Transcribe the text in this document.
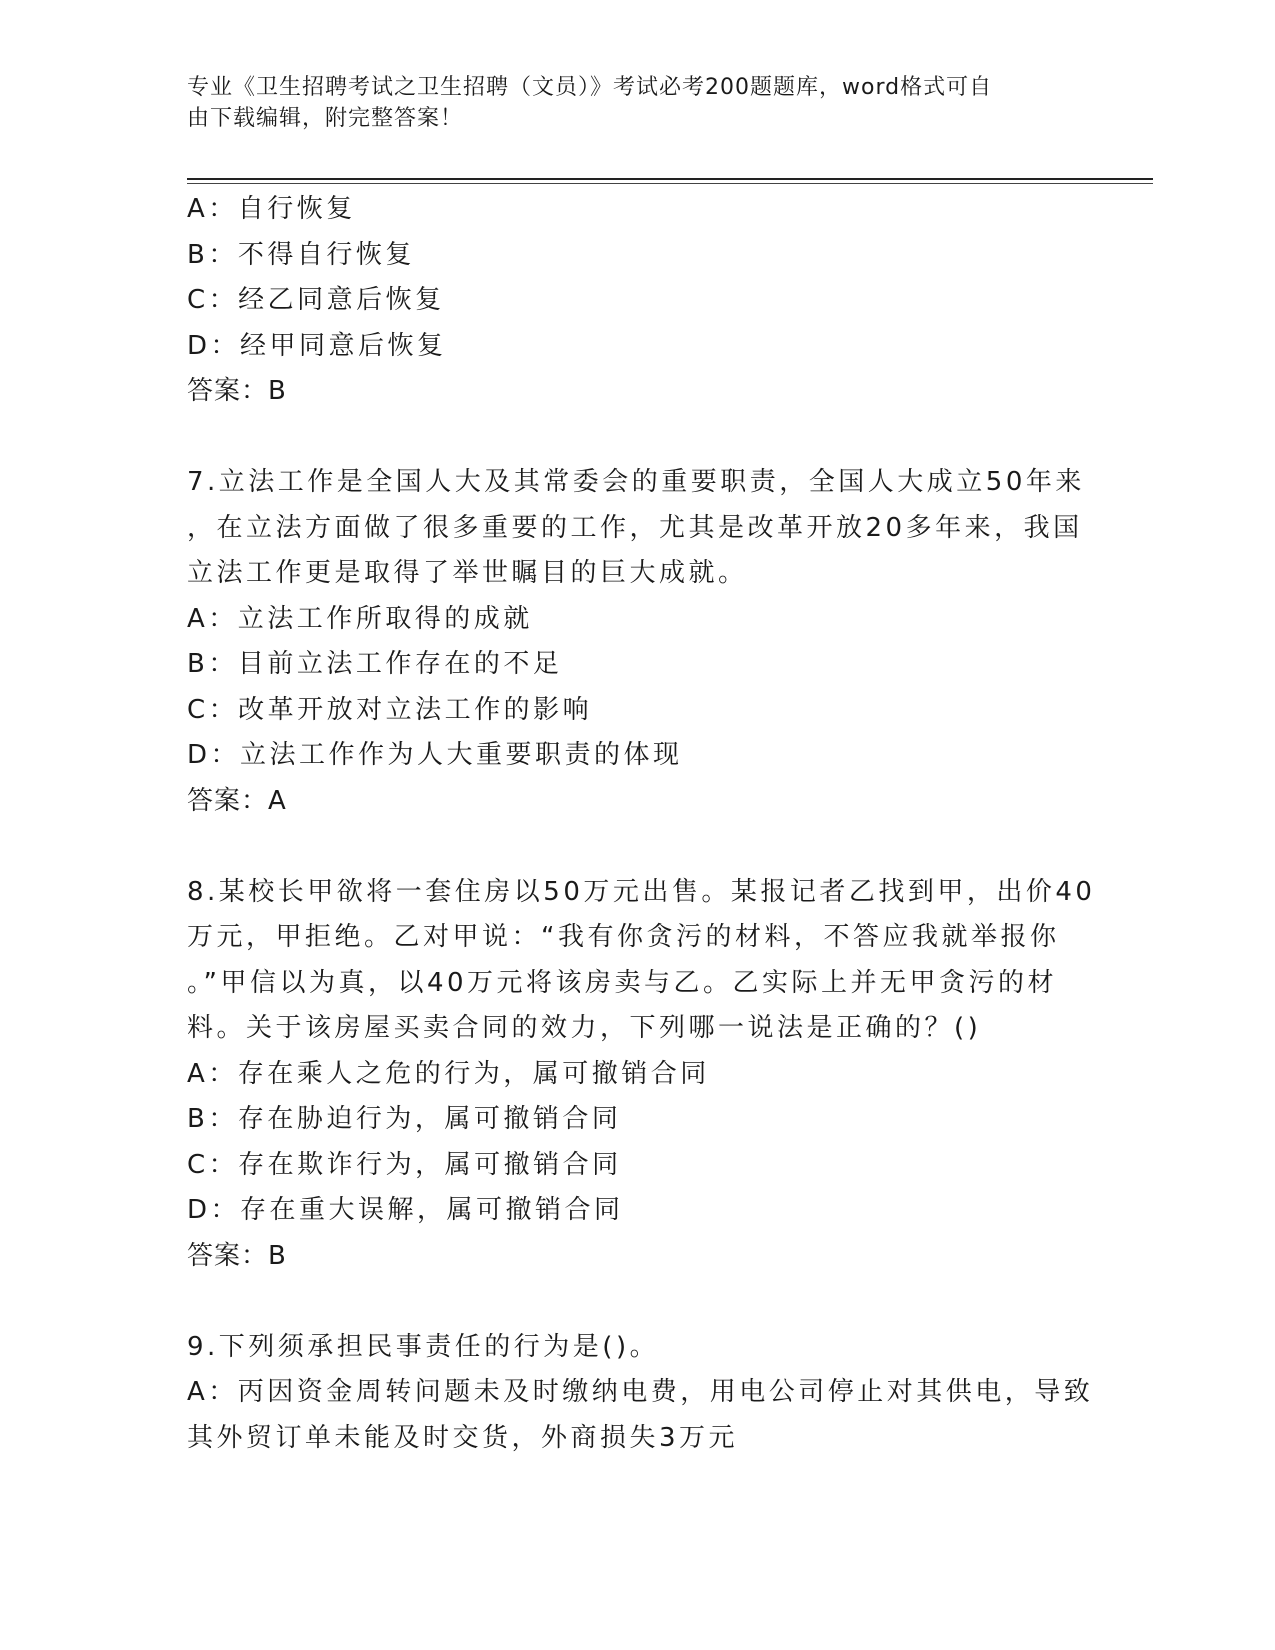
专业《卫生招聘考试之卫生招聘（文员）》考试必考200题题库，word格式可自
由下载编辑，附完整答案！
A：自行恢复
B：不得自行恢复
C：经乙同意后恢复
D：经甲同意后恢复
答案：B
7.立法工作是全国人大及其常委会的重要职责，全国人大成立50年来
，在立法方面做了很多重要的工作，尤其是改革开放20多年来，我国
立法工作更是取得了举世瞩目的巨大成就。
A：立法工作所取得的成就
B：目前立法工作存在的不足
C：改革开放对立法工作的影响
D：立法工作作为人大重要职责的体现
答案：A
8.某校长甲欲将一套住房以50万元出售。某报记者乙找到甲，出价40
万元，甲拒绝。乙对甲说：“我有你贪污的材料，不答应我就举报你
。”甲信以为真，以40万元将该房卖与乙。乙实际上并无甲贪污的材
料。关于该房屋买卖合同的效力，下列哪一说法是正确的？()
A：存在乘人之危的行为，属可撤销合同
B：存在胁迫行为，属可撤销合同
C：存在欺诈行为，属可撤销合同
D：存在重大误解，属可撤销合同
答案：B
9.下列须承担民事责任的行为是()。
A：丙因资金周转问题未及时缴纳电费，用电公司停止对其供电，导致
其外贸订单未能及时交货，外商损失3万元
